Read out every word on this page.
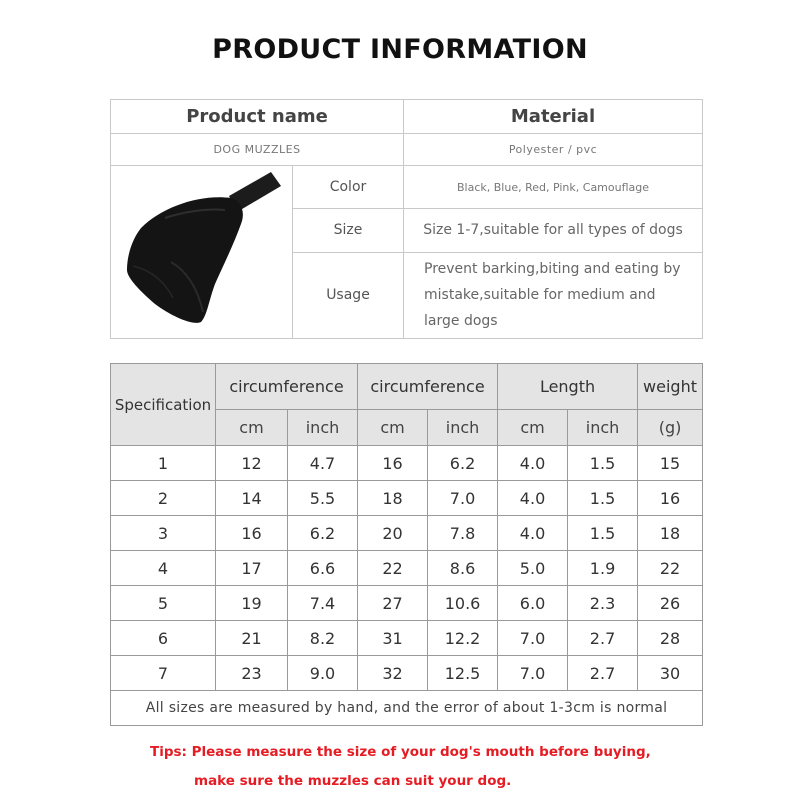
PRODUCT INFORMATION
Product name		Material
DOG MUZZLES		Polyester / pvc
	Color	Black, Blue, Red, Pink, Camouflage
	Size	Size 1-7,suitable for all types of dogs
	Usage	Prevent barking,biting and eating by mistake,suitable for medium and large dogs
Specification	circumference		circumference		Length		weight
	cm	inch	cm	inch	cm	inch	(g)
1	12	4.7	16	6.2	4.0	1.5	15
2	14	5.5	18	7.0	4.0	1.5	16
3	16	6.2	20	7.8	4.0	1.5	18
4	17	6.6	22	8.6	5.0	1.9	22
5	19	7.4	27	10.6	6.0	2.3	26
6	21	8.2	31	12.2	7.0	2.7	28
7	23	9.0	32	12.5	7.0	2.7	30
All sizes are measured by hand, and the error of about 1-3cm is normal							
Tips: Please measure the size of your dog's mouth before buying,
make sure the muzzles can suit your dog.
